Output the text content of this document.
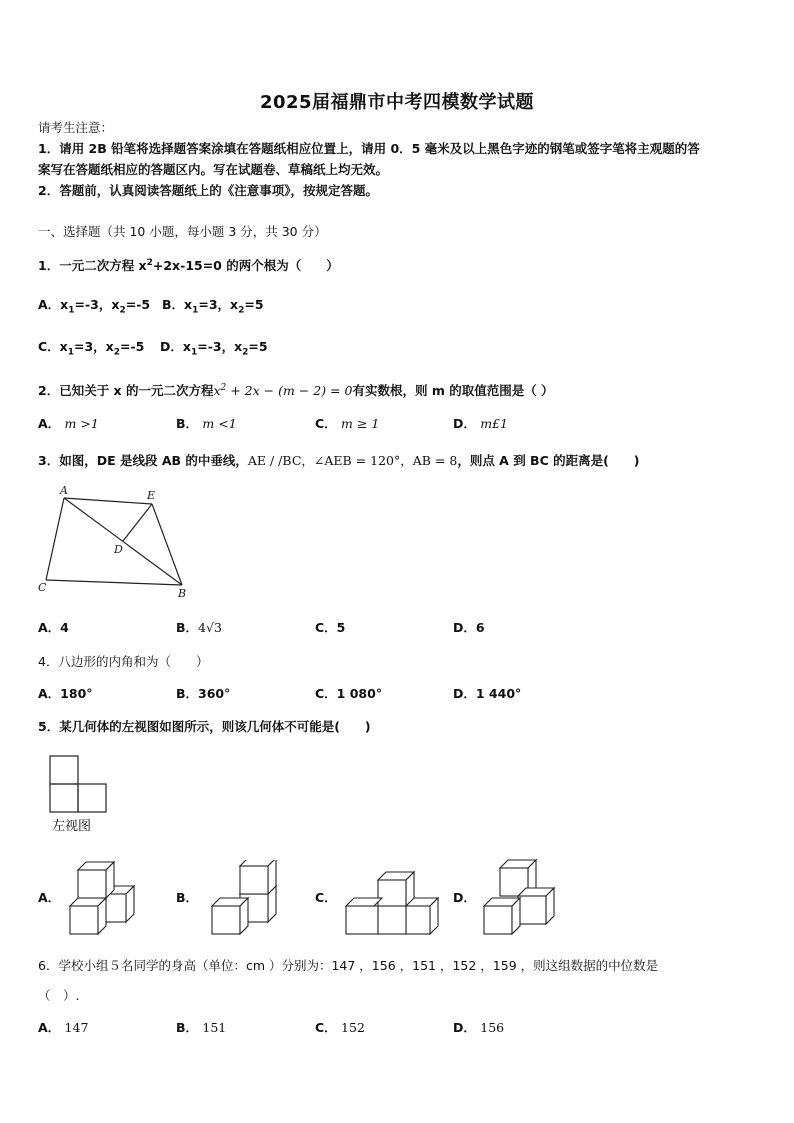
2025届福鼎市中考四模数学试题
请考生注意：
1．请用 2B 铅笔将选择题答案涂填在答题纸相应位置上，请用 0．5 毫米及以上黑色字迹的钢笔或签字笔将主观题的答
案写在答题纸相应的答题区内。写在试题卷、草稿纸上均无效。
2．答题前，认真阅读答题纸上的《注意事项》，按规定答题。
一、选择题（共 10 小题，每小题 3 分，共 30 分）
1．一元二次方程 $x^2+2x-15=0$ 的两个根为（　　）
A．$x_1=-3$，$x_2=-5$ B．$x_1=3$，$x_2=5$
C．$x_1=3$，$x_2=-5$ D．$x_1=-3$，$x_2=5$
2．已知关于 x 的一元二次方程$x^2 + 2x - (m - 2) = 0$有实数根，则 m 的取值范围是（ ）
A． m >1	B． m <1	C． m ≥ 1	D． m£1
3．如图，DE 是线段 AB 的中垂线，AE / /BC，∠AEB = 120°，AB = 8，则点 A 到 BC 的距离是(　　)
A	E
D
C	B
A．4	B．4√3	C．5	D．6
4．八边形的内角和为（　　）
A．180°	B．360°	C．1 080°	D．1 440°
5．某几何体的左视图如图所示，则该几何体不可能是(　　)
左视图
A．	B．	C．	D．
6．学校小组５名同学的身高（单位：cm ）分别为：147 ，156 ，151 ，152 ，159 ，则这组数据的中位数是
（　）.
A． 147	B． 151	C． 152	D． 156
